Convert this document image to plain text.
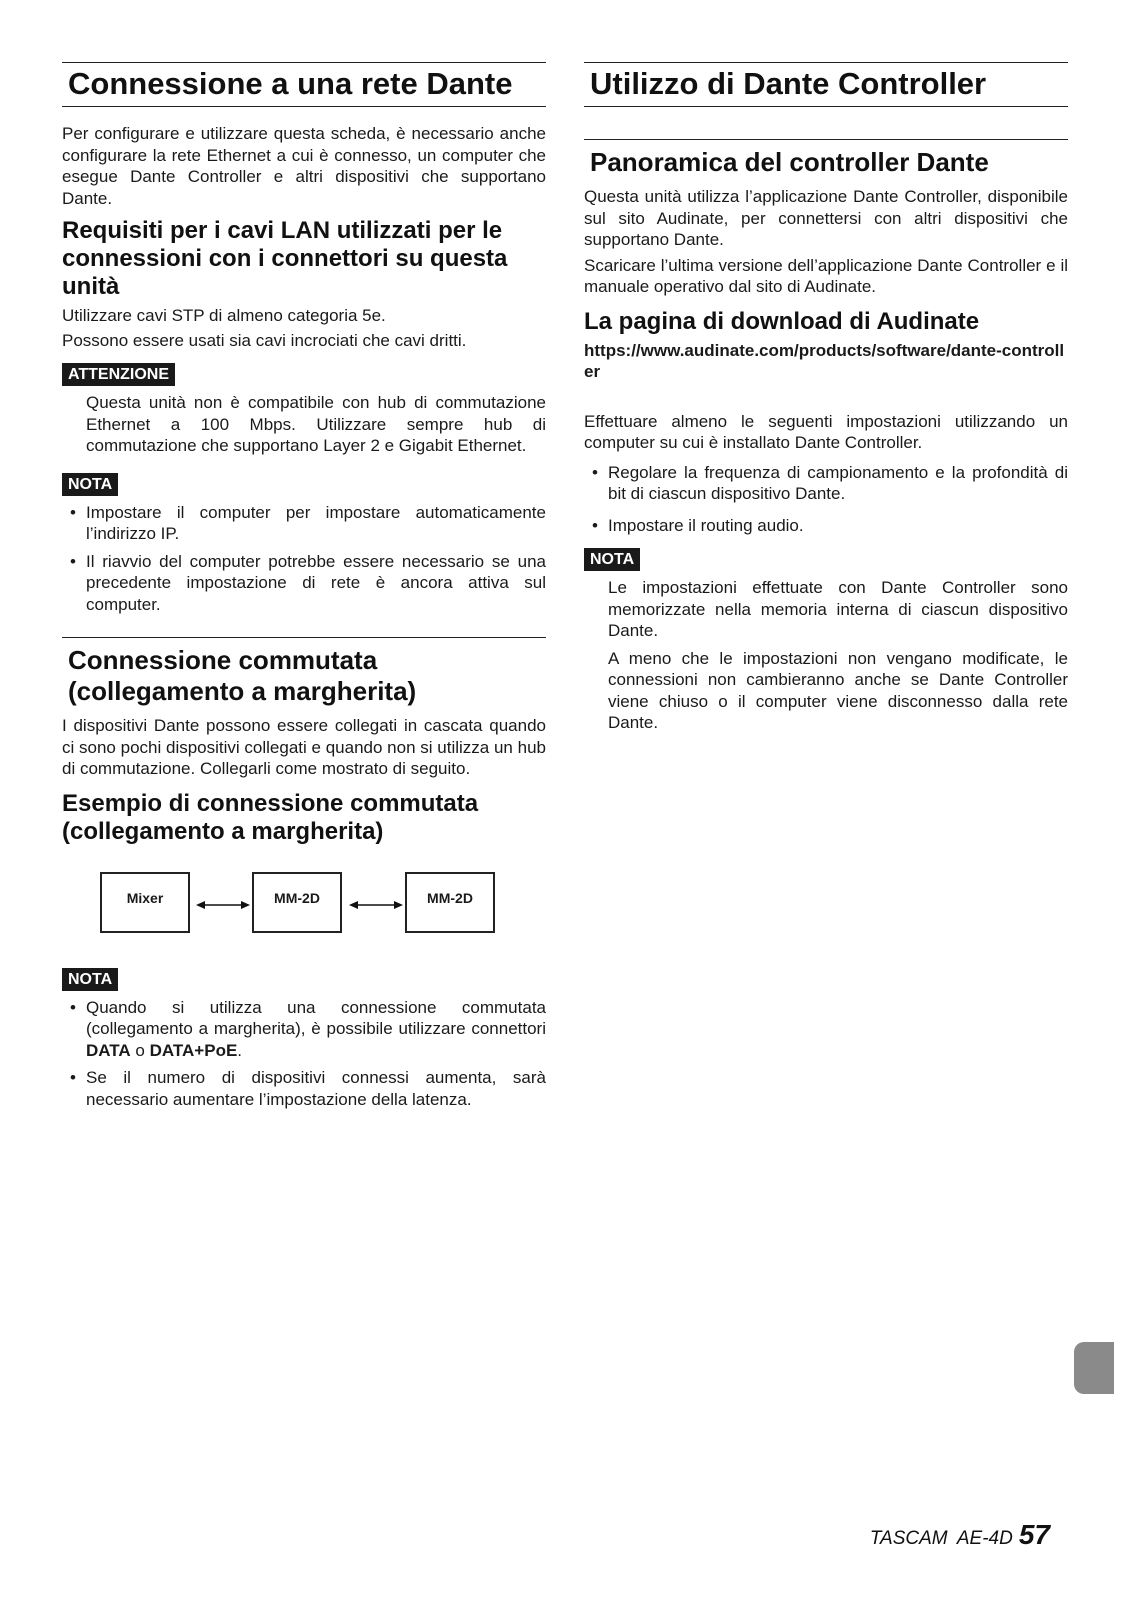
Connessione a una rete Dante

Per configurare e utilizzare questa scheda, è necessario anche configurare la rete Ethernet a cui è connesso, un computer che esegue Dante Controller e altri dispositivi che supportano Dante.

Requisiti per i cavi LAN utilizzati per le connessioni con i connettori su questa unità

Utilizzare cavi STP di almeno categoria 5e.

Possono essere usati sia cavi incrociati che cavi dritti.

ATTENZIONE

Questa unità non è compatibile con hub di commutazione Ethernet a 100 Mbps. Utilizzare sempre hub di commutazione che supportano Layer 2 e Gigabit Ethernet.

NOTA
• Impostare il computer per impostare automaticamente l’indirizzo IP.
• Il riavvio del computer potrebbe essere necessario se una precedente impostazione di rete è ancora attiva sul computer.
Connessione commutata (collegamento a margherita)

I dispositivi Dante possono essere collegati in cascata quando ci sono pochi dispositivi collegati e quando non si utilizza un hub di commutazione. Collegarli come mostrato di seguito.

Esempio di connessione commutata (collegamento a margherita)
Mixer	MM-2D	MM-2D
NOTA
• Quando si utilizza una connessione commutata (collegamento a margherita), è possibile utilizzare connettori DATA o DATA+PoE.
• Se il numero di dispositivi connessi aumenta, sarà necessario aumentare l’impostazione della latenza.
Utilizzo di Dante Controller
Panoramica del controller Dante

Questa unità utilizza l’applicazione Dante Controller, disponibile sul sito Audinate, per connettersi con altri dispositivi che supportano Dante.

Scaricare l’ultima versione dell’applicazione Dante Controller e il manuale operativo dal sito di Audinate.

La pagina di download di Audinate

https://www.audinate.com/products/software/dante-controller

Effettuare almeno le seguenti impostazioni utilizzando un computer su cui è installato Dante Controller.

• Regolare la frequenza di campionamento e la profondità di bit di ciascun dispositivo Dante.
• Impostare il routing audio.
NOTA

Le impostazioni effettuate con Dante Controller sono memorizzate nella memoria interna di ciascun dispositivo Dante.

A meno che le impostazioni non vengano modificate, le connessioni non cambieranno anche se Dante Controller viene chiuso o il computer viene disconnesso dalla rete Dante.

TASCAM AE-4D 57
